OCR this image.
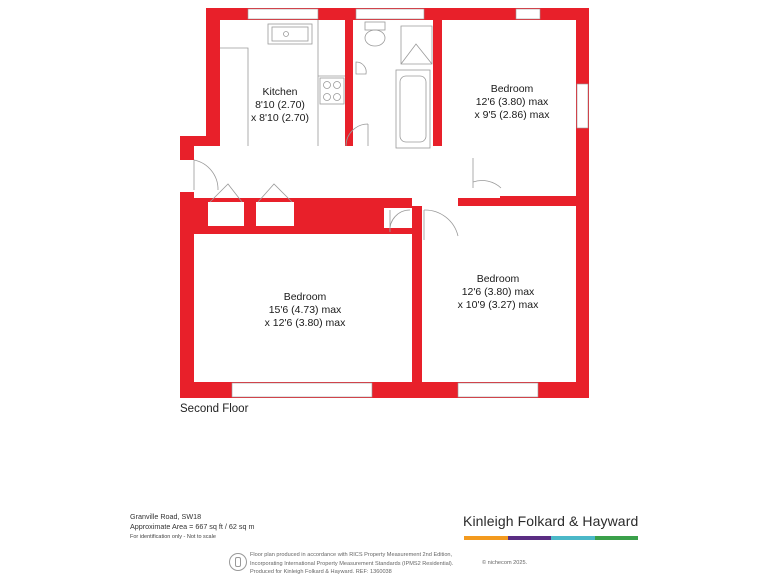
Kitchen
8'10 (2.70)
x 8'10 (2.70)
Bedroom
12'6 (3.80) max
x 9'5 (2.86) max
Bedroom
15'6 (4.73) max
x 12'6 (3.80) max
Bedroom
12'6 (3.80) max
x 10'9 (3.27) max
Second Floor
Granville Road, SW18
Approximate Area = 667 sq ft / 62 sq m
For identification only - Not to scale
Kinleigh Folkard & Hayward
Floor plan produced in accordance with RICS Property Measurement 2nd Edition,
Incorporating International Property Measurement Standards (IPMS2 Residential).
Produced for Kinleigh Folkard & Hayward. REF: 1360038
© nichecom 2025.
